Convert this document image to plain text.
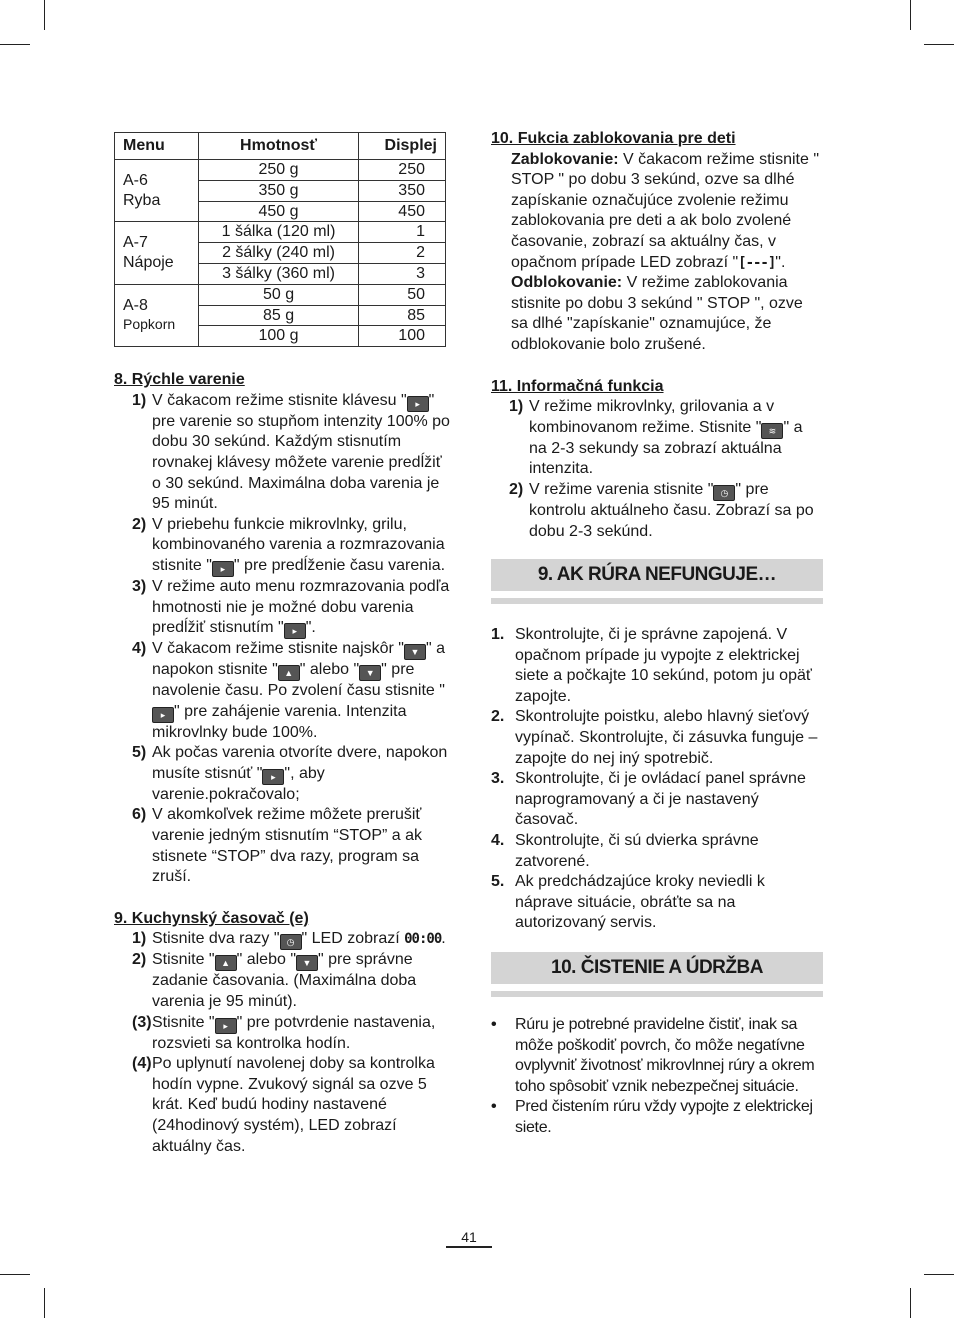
Menu	Hmotnosť	Displej

A-6
Ryba	250 g	250
	350 g	350
	450 g	450

A-7
Nápoje	1 šálka (120 ml)	1
	2 šálky (240 ml)	2
	3 šálky (360 ml)	3

A-8
Popkorn	50 g	50
	85 g	85
	100 g	100
8. Rýchle varenie
1) V čakacom režime stisnite klávesu " ▸ " pre varenie so stupňom intenzity 100% po dobu 30 sekúnd. Každým stisnutím rovnakej klávesy môžete varenie predĺžiť o 30 sekúnd. Maximálna doba varenia je 95 minút.
2) V priebehu funkcie mikrovlnky, grilu, kombinovaného varenia a rozmrazovania stisnite " ▸ " pre predĺženie času varenia.
3) V režime auto menu rozmrazovania podľa hmotnosti nie je možné dobu varenia predĺžiť stisnutím " ▸ ".
4) V čakacom režime stisnite najskôr " ▼ " a napokon stisnite " ▲ " alebo " ▼ " pre navolenie času. Po zvolení času stisnite "▸ " pre zahájenie varenia. Intenzita mikrovlnky bude 100%.
5) Ak počas varenia otvoríte dvere, napokon musíte stisnúť " ▸ ", aby varenie.pokračovalo;
6) V akomkoľvek režime môžete prerušiť varenie jedným stisnutím “STOP” a ak stisnete “STOP” dva razy, program sa zruší.
9. Kuchynský časovač (e)
1) Stisnite dva razy " ◷ " LED zobrazí 00:00.
2) Stisnite " ▲ " alebo " ▼ " pre správne zadanie časovania. (Maximálna doba varenia je 95 minút).
(3) Stisnite " ▸ " pre potvrdenie nastavenia, rozsvieti sa kontrolka hodín.
(4) Po uplynutí navolenej doby sa kontrolka hodín vypne. Zvukový signál sa ozve 5 krát. Keď budú hodiny nastavené (24hodinový systém), LED zobrazí aktuálny čas.
10. Fukcia zablokovania pre deti
Zablokovanie: V čakacom režime stisnite " STOP " po dobu 3 sekúnd, ozve sa dlhé zapískanie označujúce zvolenie režimu zablokovania pre deti a ak bolo zvolené časovanie, zobrazí sa aktuálny čas, v opačnom prípade LED zobrazí "[‐‐‐]".
Odblokovanie: V režime zablokovania stisnite po dobu 3 sekúnd " STOP ", ozve sa dlhé "zapískanie" oznamujúce, že odblokovanie bolo zrušené.
11. Informačná funkcia
1) V režime mikrovlnky, grilovania a v kombinovanom režime. Stisnite " ≋ " a na 2-3 sekundy sa zobrazí aktuálna intenzita.
2) V režime varenia stisnite " ◷ " pre kontrolu aktuálneho času. Zobrazí sa po dobu 2-3 sekúnd.
9. AK RÚRA NEFUNGUJE…
1. Skontrolujte, či je správne zapojená. V opačnom prípade ju vypojte z elektrickej siete a počkajte 10 sekúnd, potom ju opäť zapojte.
2. Skontrolujte poistku, alebo hlavný sieťový vypínač. Skontrolujte, či zásuvka funguje – zapojte do nej iný spotrebič.
3. Skontrolujte, či je ovládací panel správne naprogramovaný a či je nastavený časovač.
4. Skontrolujte, či sú dvierka správne zatvorené.
5. Ak predchádzajúce kroky neviedli k náprave situácie, obráťte sa na autorizovaný servis.
10. ČISTENIE A ÚDRŽBA
•	Rúru je potrebné pravidelne čistiť, inak sa môže poškodiť povrch, čo môže negatívne ovplyvniť životnosť mikrovlnnej rúry a okrem toho spôsobiť vznik nebezpečnej situácie.
•	Pred čistením rúru vždy vypojte z elektrickej siete.
41
